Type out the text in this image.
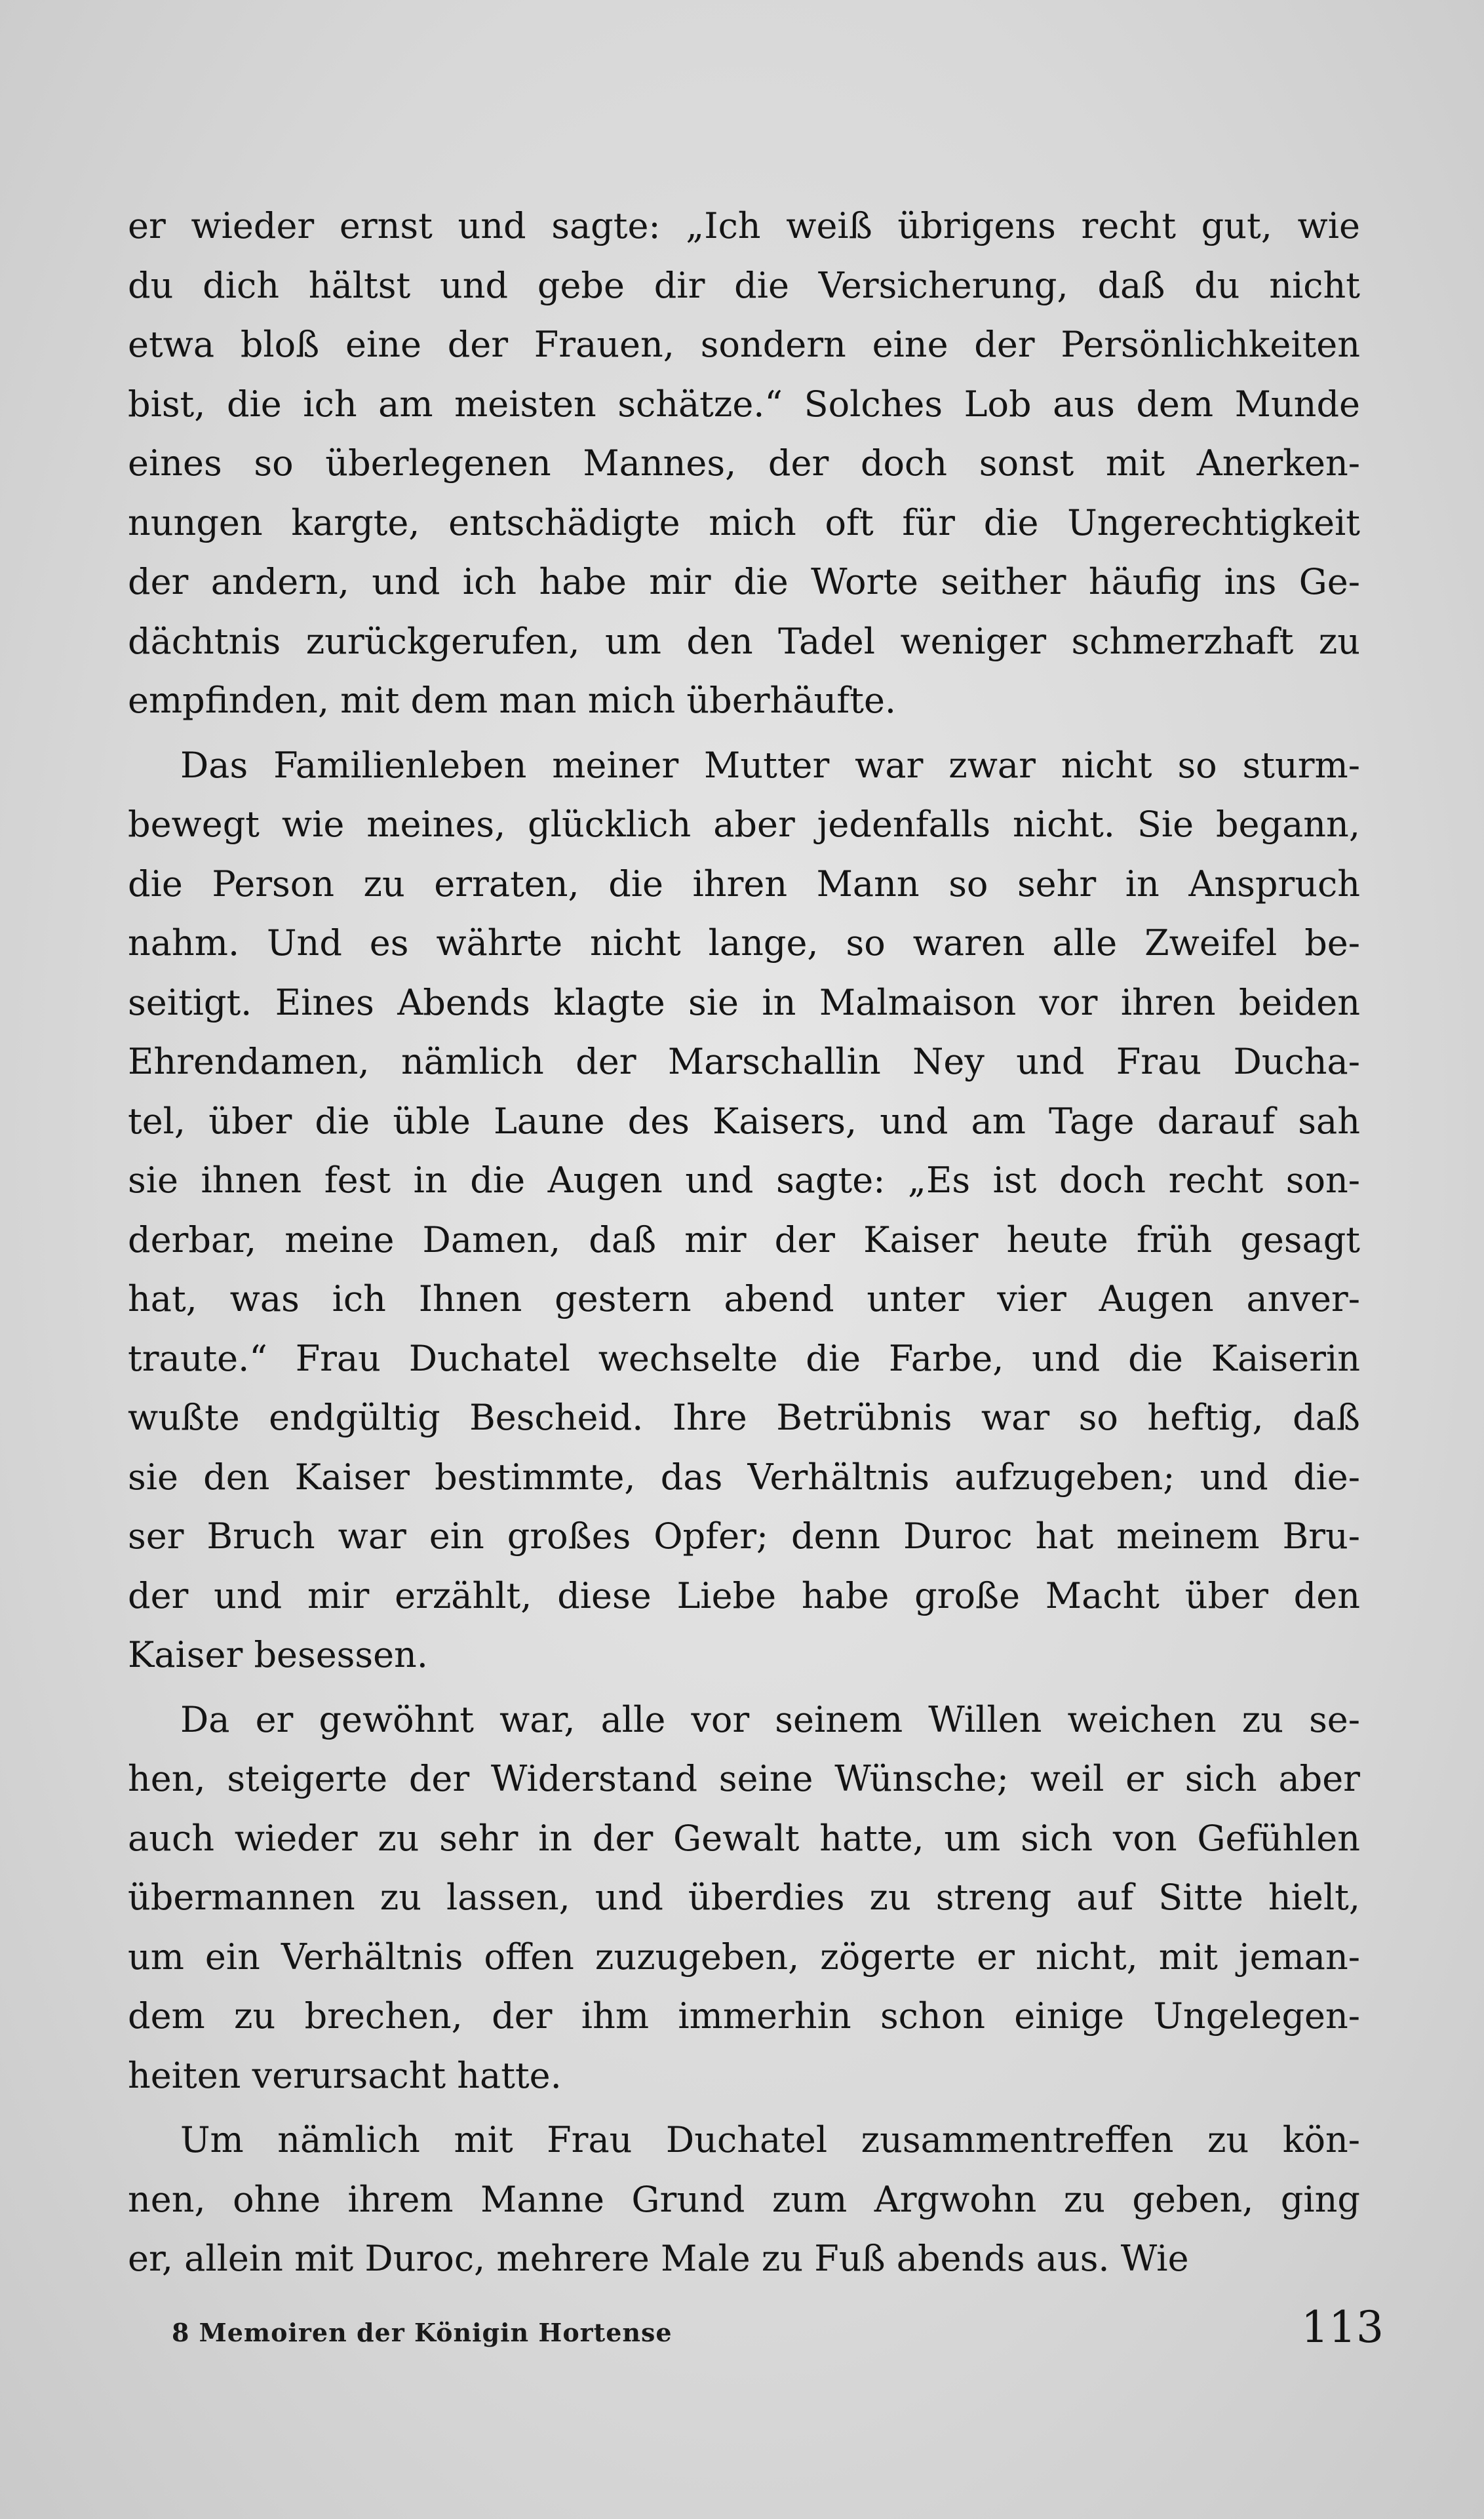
er wieder ernst und sagte: „Ich weiß übrigens recht gut, wie
du dich hältst und gebe dir die Versicherung, daß du nicht
etwa bloß eine der Frauen, sondern eine der Persönlichkeiten
bist, die ich am meisten schätze.“ Solches Lob aus dem Munde
eines so überlegenen Mannes, der doch sonst mit Anerken-
nungen kargte, entschädigte mich oft für die Ungerechtigkeit
der andern, und ich habe mir die Worte seither häufig ins Ge-
dächtnis zurückgerufen, um den Tadel weniger schmerzhaft zu
empfinden, mit dem man mich überhäufte.
Das Familienleben meiner Mutter war zwar nicht so sturm-
bewegt wie meines, glücklich aber jedenfalls nicht. Sie begann,
die Person zu erraten, die ihren Mann so sehr in Anspruch
nahm. Und es währte nicht lange, so waren alle Zweifel be-
seitigt. Eines Abends klagte sie in Malmaison vor ihren beiden
Ehrendamen, nämlich der Marschallin Ney und Frau Ducha-
tel, über die üble Laune des Kaisers, und am Tage darauf sah
sie ihnen fest in die Augen und sagte: „Es ist doch recht son-
derbar, meine Damen, daß mir der Kaiser heute früh gesagt
hat, was ich Ihnen gestern abend unter vier Augen anver-
traute.“ Frau Duchatel wechselte die Farbe, und die Kaiserin
wußte endgültig Bescheid. Ihre Betrübnis war so heftig, daß
sie den Kaiser bestimmte, das Verhältnis aufzugeben; und die-
ser Bruch war ein großes Opfer; denn Duroc hat meinem Bru-
der und mir erzählt, diese Liebe habe große Macht über den
Kaiser besessen.
Da er gewöhnt war, alle vor seinem Willen weichen zu se-
hen, steigerte der Widerstand seine Wünsche; weil er sich aber
auch wieder zu sehr in der Gewalt hatte, um sich von Gefühlen
übermannen zu lassen, und überdies zu streng auf Sitte hielt,
um ein Verhältnis offen zuzugeben, zögerte er nicht, mit jeman-
dem zu brechen, der ihm immerhin schon einige Ungelegen-
heiten verursacht hatte.
Um nämlich mit Frau Duchatel zusammentreffen zu kön-
nen, ohne ihrem Manne Grund zum Argwohn zu geben, ging
er, allein mit Duroc, mehrere Male zu Fuß abends aus. Wie
8 Memoiren der Königin Hortense	113
